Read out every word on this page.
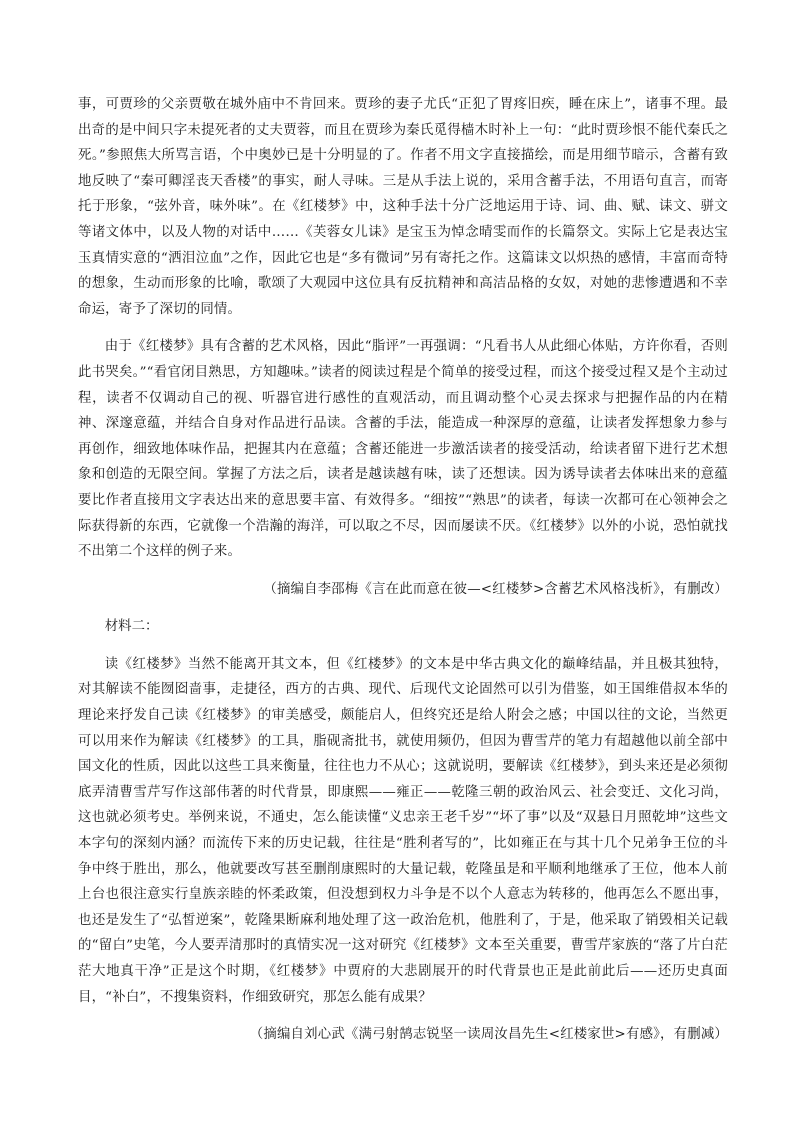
事，可贾珍的父亲贾敬在城外庙中不肯回来。贾珍的妻子尤氏“正犯了胃疼旧疾，睡在床上”，诸事不理。最出奇的是中间只字未提死者的丈夫贾蓉，而且在贾珍为秦氏觅得樯木时补上一句：“此时贾珍恨不能代秦氏之死。”参照焦大所骂言语，个中奥妙已是十分明显的了。作者不用文字直接描绘，而是用细节暗示，含蓄有致地反映了“秦可卿淫丧天香楼”的事实，耐人寻味。三是从手法上说的，采用含蓄手法，不用语句直言，而寄托于形象，“弦外音，味外味”。在《红楼梦》中，这种手法十分广泛地运用于诗、词、曲、赋、诔文、骈文等诸文体中，以及人物的对话中……《芙蓉女儿诔》是宝玉为悼念晴雯而作的长篇祭文。实际上它是表达宝玉真情实意的“洒泪泣血”之作，因此它也是“多有微词”另有寄托之作。这篇诔文以炽热的感情，丰富而奇特的想象，生动而形象的比喻，歌颂了大观园中这位具有反抗精神和高洁品格的女奴，对她的悲惨遭遇和不幸命运，寄予了深切的同情。

由于《红楼梦》具有含蓄的艺术风格，因此“脂评”一再强调：“凡看书人从此细心体贴，方许你看，否则此书哭矣。”“看官闭目熟思，方知趣味。”读者的阅读过程是个简单的接受过程，而这个接受过程又是个主动过程，读者不仅调动自己的视、听器官进行感性的直观活动，而且调动整个心灵去探求与把握作品的内在精神、深邃意蕴，并结合自身对作品进行品读。含蓄的手法，能造成一种深厚的意蕴，让读者发挥想象力参与再创作，细致地体味作品，把握其内在意蕴；含蓄还能进一步激活读者的接受活动，给读者留下进行艺术想象和创造的无限空间。掌握了方法之后，读者是越读越有味，读了还想读。因为诱导读者去体味出来的意蕴要比作者直接用文字表达出来的意思要丰富、有效得多。“细按”“熟思”的读者，每读一次都可在心领神会之际获得新的东西，它就像一个浩瀚的海洋，可以取之不尽，因而屡读不厌。《红楼梦》以外的小说，恐怕就找不出第二个这样的例子来。

（摘编自李邵梅《言在此而意在彼—<红楼梦>含蓄艺术风格浅析》，有删改）

材料二：

读《红楼梦》当然不能离开其文本，但《红楼梦》的文本是中华古典文化的巅峰结晶，并且极其独特，对其解读不能囫囵啬事，走捷径，西方的古典、现代、后现代文论固然可以引为借鉴，如王国维借叔本华的理论来抒发自己读《红楼梦》的审美感受，颇能启人，但终究还是给人附会之感；中国以往的文论，当然更可以用来作为解读《红楼梦》的工具，脂砚斋批书，就使用频仍，但因为曹雪芹的笔力有超越他以前全部中国文化的性质，因此以这些工具来衡量，往往也力不从心；这就说明，要解读《红楼梦》，到头来还是必须彻底弄清曹雪芹写作这部伟著的时代背景，即康熙——雍正——乾隆三朝的政治风云、社会变迁、文化习尚，这也就必须考史。举例来说，不通史，怎么能读懂“义忠亲王老千岁”“坏了事”以及“双悬日月照乾坤”这些文本字句的深刻内涵？而流传下来的历史记载，往往是“胜利者写的”，比如雍正在与其十几个兄弟争王位的斗争中终于胜出，那么，他就要改写甚至删削康熙时的大量记载，乾隆虽是和平顺利地继承了王位，他本人前上台也很注意实行皇族亲睦的怀柔政策，但没想到权力斗争是不以个人意志为转移的，他再怎么不愿出事，也还是发生了“弘皙逆案”，乾隆果断麻利地处理了这一政治危机，他胜利了，于是，他采取了销毁相关记载的“留白”史笔，今人要弄清那时的真情实况一这对研究《红楼梦》文本至关重要，曹雪芹家族的“落了片白茫茫大地真干净”正是这个时期，《红楼梦》中贾府的大悲剧展开的时代背景也正是此前此后——还历史真面目，“补白”，不搜集资料，作细致研究，那怎么能有成果？

（摘编自刘心武《满弓射鹄志锐坚一读周汝昌先生<红楼家世>有感》，有删减）
